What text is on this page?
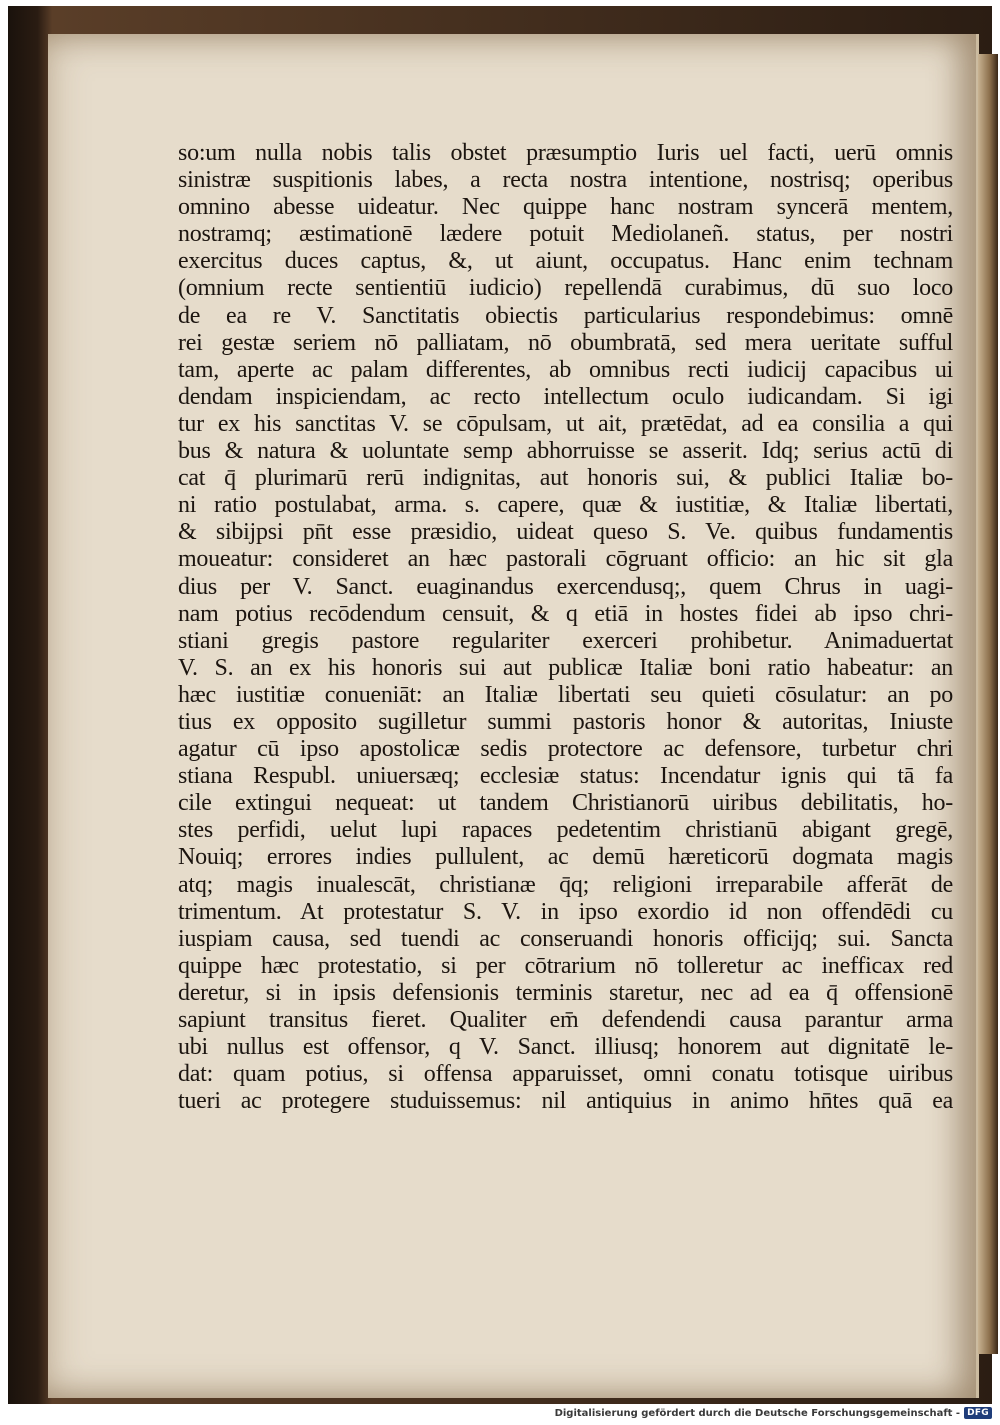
so:um nulla nobis talis obstet præsumptio Iuris uel facti, uerū omnis
sinistræ suspitionis labes, a recta nostra intentione, nostrisq; operibus
omnino abesse uideatur. Nec quippe hanc nostram syncerā mentem,
nostramq; æstimationē lædere potuit Mediolaneñ. status, per nostri
exercitus duces captus, &, ut aiunt, occupatus. Hanc enim technam
(omnium recte sentientiū iudicio) repellendā curabimus, dū suo loco
de ea re V. Sanctitatis obiectis particularius respondebimus: omnē
rei gestæ seriem nō palliatam, nō obumbratā, sed mera ueritate sufful
tam, aperte ac palam differentes, ab omnibus recti iudicij capacibus ui
dendam inspiciendam, ac recto intellectum oculo iudicandam. Si igi
tur ex his sanctitas V. se cōpulsam, ut ait, prætēdat, ad ea consilia a qui
bus & natura & uoluntate semp abhorruisse se asserit. Idq; serius actū di
cat q̄ plurimarū rerū indignitas, aut honoris sui, & publici Italiæ bo-
ni ratio postulabat, arma. s. capere, quæ & iustitiæ, & Italiæ libertati,
& sibijpsi pn̄t esse præsidio, uideat queso S. Ve. quibus fundamentis
moueatur: consideret an hæc pastorali cōgruant officio: an hic sit gla
dius per V. Sanct. euaginandus exercendusq;, quem Chrus in uagi-
nam potius recōdendum censuit, & q etiā in hostes fidei ab ipso chri-
stiani gregis pastore regulariter exerceri prohibetur. Animaduertat
V. S. an ex his honoris sui aut publicæ Italiæ boni ratio habeatur: an
hæc iustitiæ conueniāt: an Italiæ libertati seu quieti cōsulatur: an po
tius ex opposito sugilletur summi pastoris honor & autoritas, Iniuste
agatur cū ipso apostolicæ sedis protectore ac defensore, turbetur chri
stiana Respubl. uniuersæq; ecclesiæ status: Incendatur ignis qui tā fa
cile extingui nequeat: ut tandem Christianorū uiribus debilitatis, ho-
stes perfidi, uelut lupi rapaces pedetentim christianū abigant gregē,
Nouiq; errores indies pullulent, ac demū hæreticorū dogmata magis
atq; magis inualescāt, christianæ q̄q; religioni irreparabile afferāt de
trimentum. At protestatur S. V. in ipso exordio id non offendēdi cu
iuspiam causa, sed tuendi ac conseruandi honoris officijq; sui. Sancta
quippe hæc protestatio, si per cōtrarium nō tolleretur ac inefficax red
deretur, si in ipsis defensionis terminis staretur, nec ad ea q̄ offensionē
sapiunt transitus fieret. Qualiter em̄ defendendi causa parantur arma
ubi nullus est offensor, q V. Sanct. illiusq; honorem aut dignitatē le-
dat: quam potius, si offensa apparuisset, omni conatu totisque uiribus
tueri ac protegere studuissemus: nil antiquius in animo hn̄tes quā ea
Digitalisierung gefördert durch die Deutsche Forschungsgemeinschaft - DFG
